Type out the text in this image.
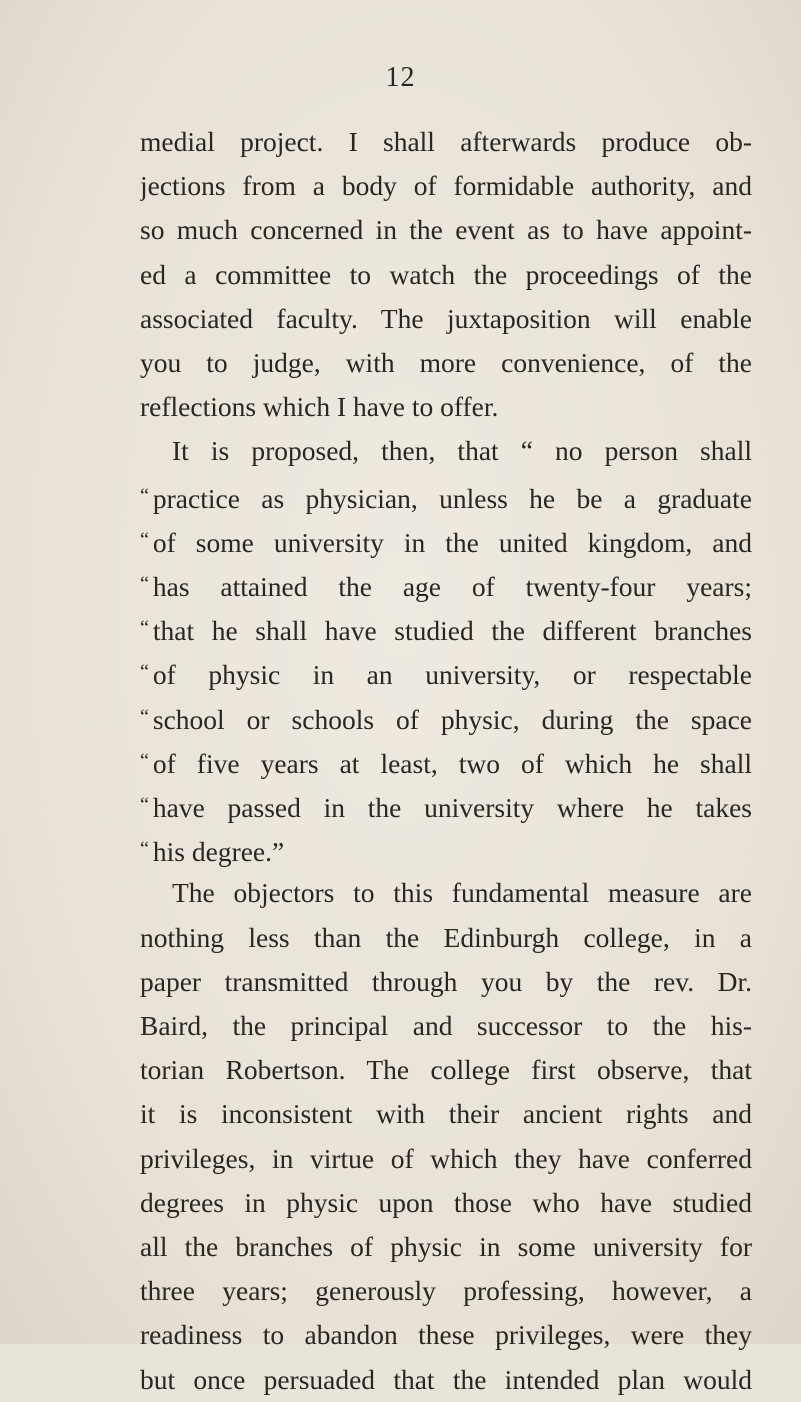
12
medial project. I shall afterwards produce ob-
jections from a body of formidable authority, and
so much concerned in the event as to have appoint-
ed a committee to watch the proceedings of the
associated faculty. The juxtaposition will enable
you to judge, with more convenience, of the
reflections which I have to offer.
It is proposed, then, that “ no person shall
“ practice as physician, unless he be a graduate
“ of some university in the united kingdom, and
“ has attained the age of twenty-four years;
“ that he shall have studied the different branches
“ of physic in an university, or respectable
“ school or schools of physic, during the space
“ of five years at least, two of which he shall
“ have passed in the university where he takes
“ his degree.”
The objectors to this fundamental measure are
nothing less than the Edinburgh college, in a
paper transmitted through you by the rev. Dr.
Baird, the principal and successor to the his-
torian Robertson. The college first observe, that
it is inconsistent with their ancient rights and
privileges, in virtue of which they have conferred
degrees in physic upon those who have studied
all the branches of physic in some university for
three years; generously professing, however, a
readiness to abandon these privileges, were they
but once persuaded that the intended plan would
